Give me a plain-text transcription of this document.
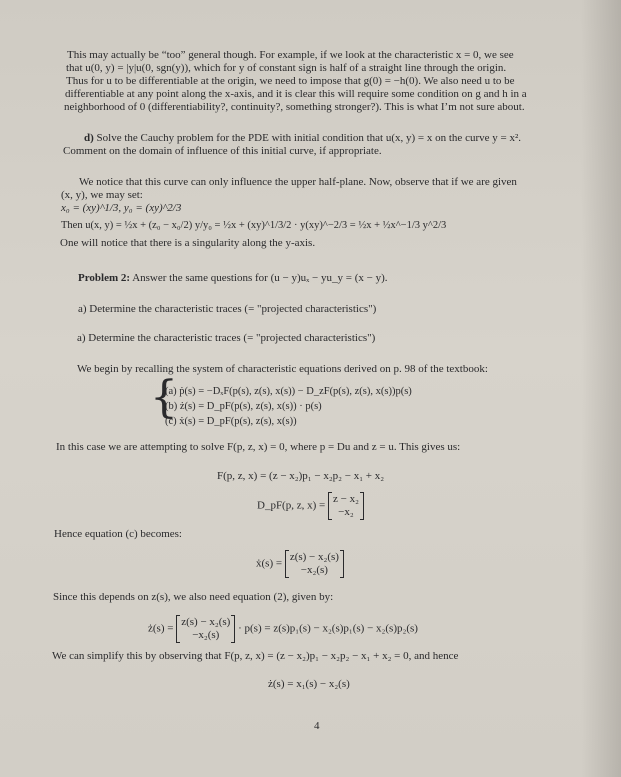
This may actually be “too” general though. For example, if we look at the characteristic x = 0, we see
that u(0, y) = |y|u(0, sgn(y)), which for y of constant sign is half of a straight line through the origin.
Thus for u to be differentiable at the origin, we need to impose that g(0) = −h(0). We also need u to be
differentiable at any point along the x-axis, and it is clear this will require some condition on g and h in a
neighborhood of 0 (differentiability?, continuity?, something stronger?). This is what I’m not sure about.
d) Solve the Cauchy problem for the PDE with initial condition that u(x, y) = x on the curve y = x².
Comment on the domain of influence of this initial curve, if appropriate.
We notice that this curve can only influence the upper half-plane. Now, observe that if we are given
(x, y), we may set:
x₀ = (xy)^1/3, y₀ = (xy)^2/3
Then u(x, y) = ½x + (z₀ − x₀/2) y/y₀ = ½x + (xy)^1/3/2 · y(xy)^−2/3 = ½x + ½x^−1/3 y^2/3
One will notice that there is a singularity along the y-axis.
Problem 2: Answer the same questions for (u − y)uₓ − yu_y = (x − y).
a) Determine the characteristic traces (= "projected characteristics")
a) Determine the characteristic traces (= "projected characteristics")
We begin by recalling the system of characteristic equations derived on p. 98 of the textbook:
{
(a) ṗ(s) = −DₓF(p(s), z(s), x(s)) − D_zF(p(s), z(s), x(s))p(s)
(b) ż(s) = D_pF(p(s), z(s), x(s)) · p(s)
(c) ẋ(s) = D_pF(p(s), z(s), x(s))
In this case we are attempting to solve F(p, z, x) = 0, where p = Du and z = u. This gives us:
F(p, z, x) = (z − x₂)p₁ − x₂p₂ − x₁ + x₂
D_pF(p, z, x) =
z − x₂
−x₂
Hence equation (c) becomes:
ẋ(s) =
z(s) − x₂(s)
−x₂(s)
Since this depends on z(s), we also need equation (2), given by:
ż(s) =
z(s) − x₂(s)
−x₂(s)
· p(s) = z(s)p₁(s) − x₂(s)p₁(s) − x₂(s)p₂(s)
We can simplify this by observing that F(p, z, x) = (z − x₂)p₁ − x₂p₂ − x₁ + x₂ = 0, and hence
ż(s) = x₁(s) − x₂(s)
4
